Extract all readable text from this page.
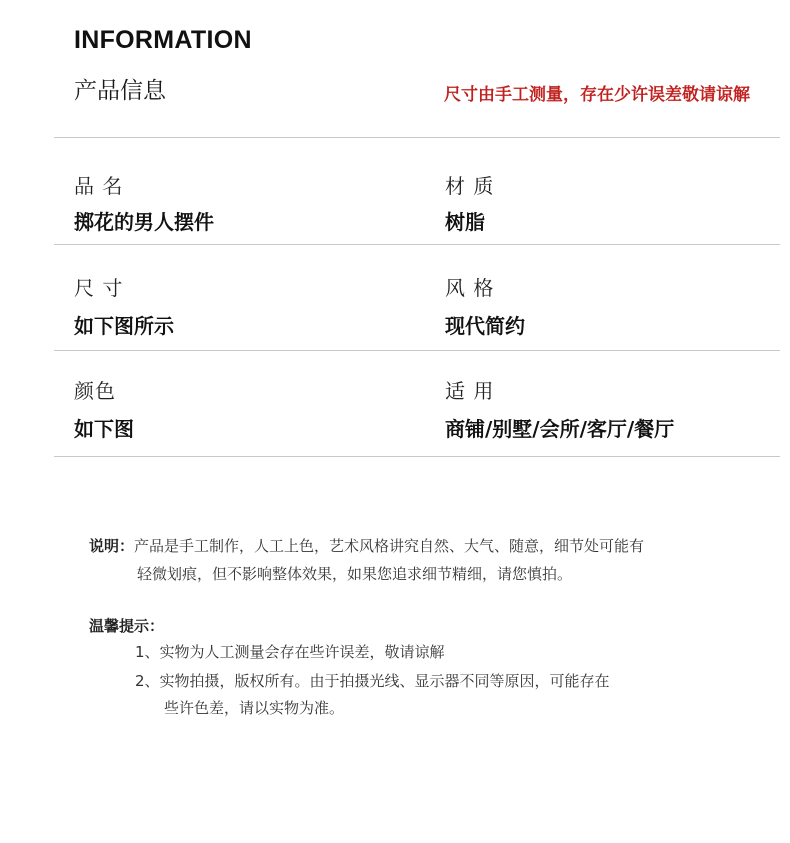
INFORMATION
产品信息	尺寸由手工测量，存在少许误差敬请谅解
品 名
掷花的男人摆件
材 质
树脂
尺 寸
如下图所示
风 格
现代简约
颜色
如下图
适 用
商铺/别墅/会所/客厅/餐厅
说明：产品是手工制作，人工上色，艺术风格讲究自然、大气、随意，细节处可能有
轻微划痕，但不影响整体效果，如果您追求细节精细，请您慎拍。
温馨提示：
1、实物为人工测量会存在些许误差，敬请谅解
2、实物拍摄，版权所有。由于拍摄光线、显示器不同等原因，可能存在
些许色差，请以实物为准。
